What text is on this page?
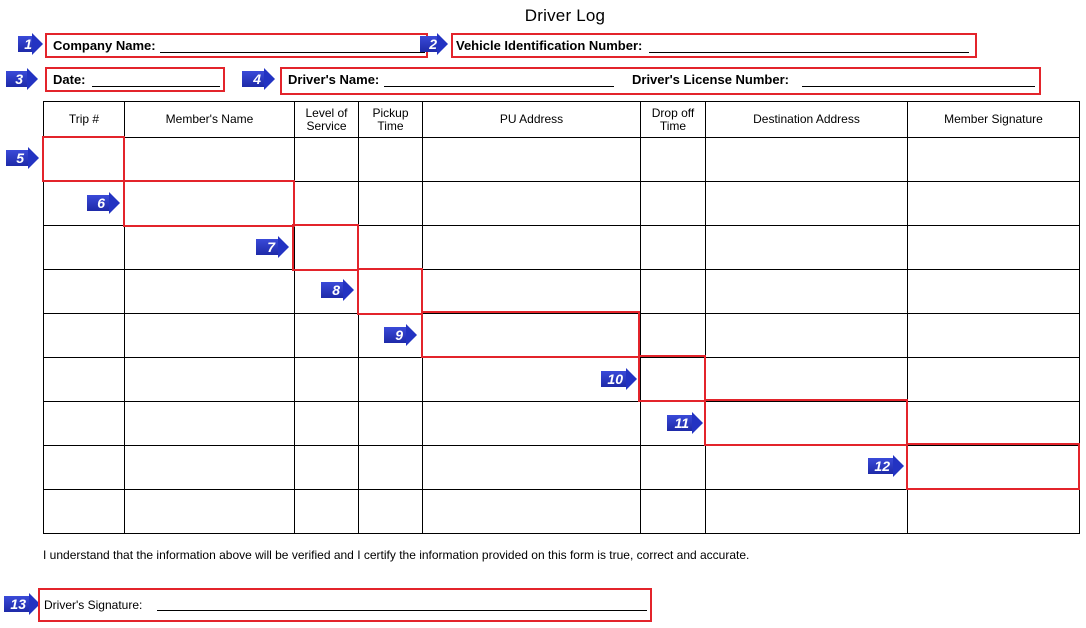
Driver Log
1 Company Name:	2 Vehicle Identification Number:
3 Date:	4 Driver's Name:	Driver's License Number:
Trip #	Member's Name	Level of Service	Pickup Time	PU Address	Drop off Time	Destination Address	Member Signature

5
6
7
8
9
10
11
12
I understand that the information above will be verified and I certify the information provided on this form is true, correct and accurate.
13 Driver's Signature:
